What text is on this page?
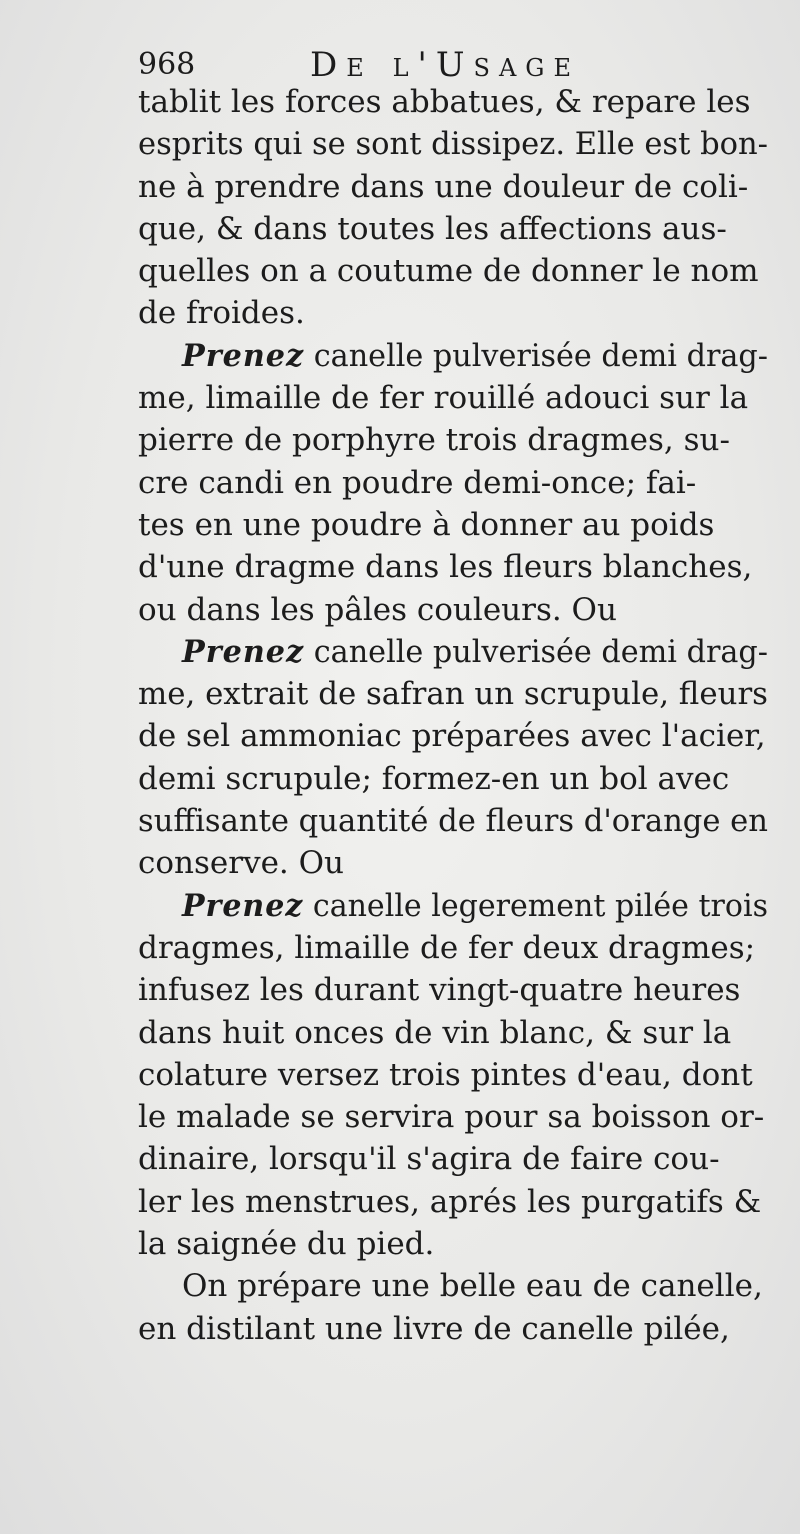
968	De l'Usage

tablit les forces abbatues, & repare les
esprits qui se sont dissipez. Elle est bon-
ne à prendre dans une douleur de coli-
que, & dans toutes les affections aus-
quelles on a coutume de donner le nom
de froides.

Prenez canelle pulverisée demi drag-
me, limaille de fer rouillé adouci sur la
pierre de porphyre trois dragmes, su-
cre candi en poudre demi-once; fai-
tes en une poudre à donner au poids
d'une dragme dans les fleurs blanches,
ou dans les pâles couleurs. Ou

Prenez canelle pulverisée demi drag-
me, extrait de safran un scrupule, fleurs
de sel ammoniac préparées avec l'acier,
demi scrupule; formez-en un bol avec
suffisante quantité de fleurs d'orange en
conserve. Ou

Prenez canelle legerement pilée trois
dragmes, limaille de fer deux dragmes;
infusez les durant vingt-quatre heures
dans huit onces de vin blanc, & sur la
colature versez trois pintes d'eau, dont
le malade se servira pour sa boisson or-
dinaire, lorsqu'il s'agira de faire cou-
ler les menstrues, aprés les purgatifs &
la saignée du pied.

On prépare une belle eau de canelle,
en distilant une livre de canelle pilée,
